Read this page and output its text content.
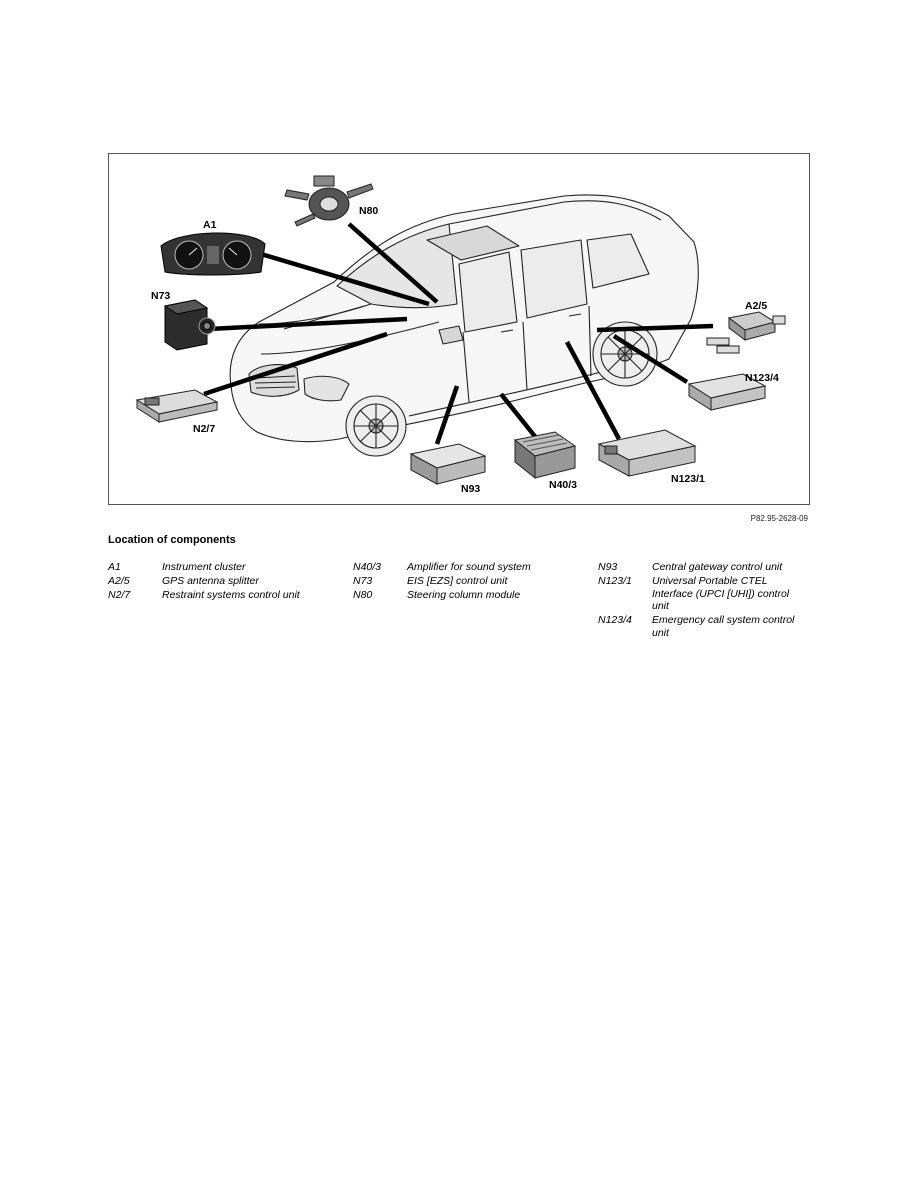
A1
N80
N73
A2/5
N123/4
N2/7
N93	N40/3	N123/1
P82.95-2628-09
Location of components
A1	Instrument cluster
A2/5	GPS antenna splitter
N2/7	Restraint systems control unit
N40/3	Amplifier for sound system
N73	EIS [EZS] control unit
N80	Steering column module
N93	Central gateway control unit
N123/1	Universal Portable CTEL Interface (UPCI [UHI]) control unit
N123/4	Emergency call system control unit
